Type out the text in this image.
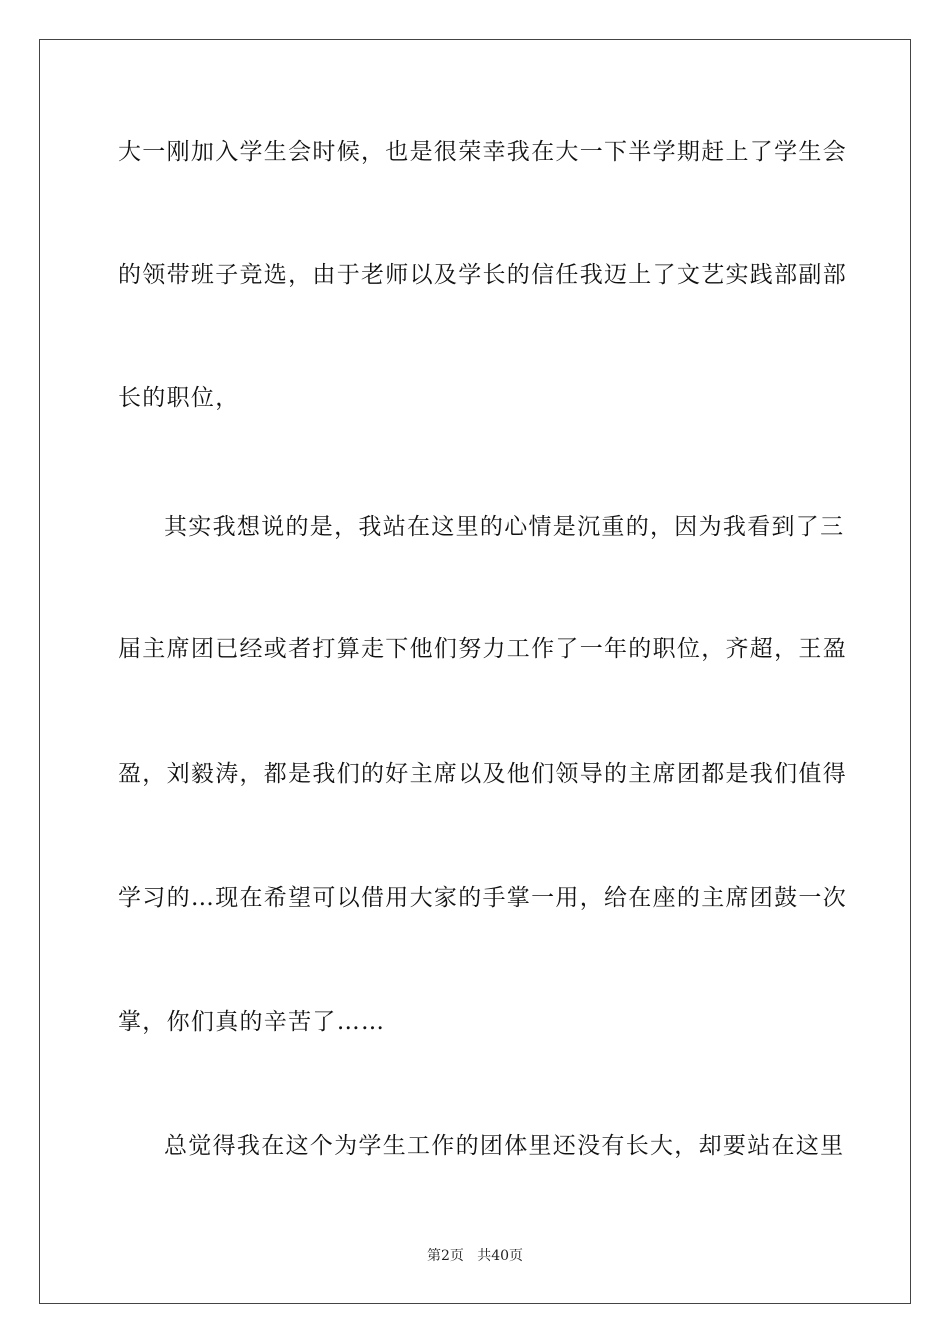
大一刚加入学生会时候，也是很荣幸我在大一下半学期赶上了学生会
的领带班子竞选，由于老师以及学长的信任我迈上了文艺实践部副部
长的职位，
其实我想说的是，我站在这里的心情是沉重的，因为我看到了三
届主席团已经或者打算走下他们努力工作了一年的职位，齐超，王盈
盈，刘毅涛，都是我们的好主席以及他们领导的主席团都是我们值得
学习的…现在希望可以借用大家的手掌一用，给在座的主席团鼓一次
掌，你们真的辛苦了……
总觉得我在这个为学生工作的团体里还没有长大，却要站在这里
第2页   共40页
